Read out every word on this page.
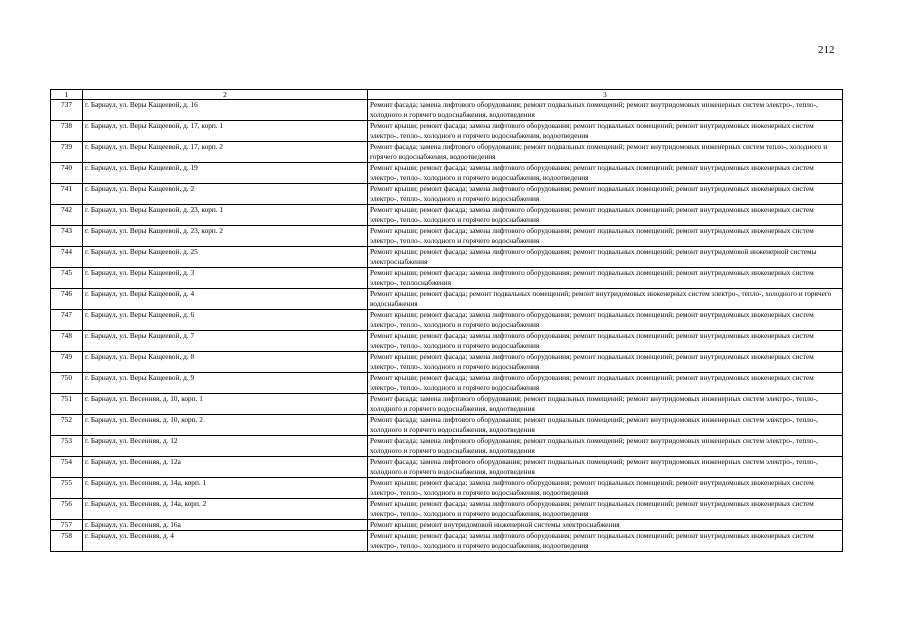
212
1	2	3
737	г. Барнаул, ул. Веры Кащеевой, д. 16	Ремонт фасада; замена лифтового оборудования; ремонт подвальных помещений; ремонт внутридомовых инженерных систем электро-, тепло-, холодного и горячего водоснабжения, водоотведения
738	г. Барнаул, ул. Веры Кащеевой, д. 17, корп. 1	Ремонт крыши; ремонт фасада; замена лифтового оборудования; ремонт подвальных помещений; ремонт внутридомовых инженерных систем электро-, тепло-, холодного и горячего водоснабжения, водоотведения
739	г. Барнаул, ул. Веры Кащеевой, д. 17, корп. 2	Ремонт фасада; замена лифтового оборудования; ремонт подвальных помещений; ремонт внутридомовых инженерных систем тепло-, холодного и горячего водоснабжения, водоотведения
740	г. Барнаул, ул. Веры Кащеевой, д. 19	Ремонт крыши; ремонт фасада; замена лифтового оборудования; ремонт подвальных помещений; ремонт внутридомовых инженерных систем электро-, тепло-, холодного и горячего водоснабжения, водоотведения
741	г. Барнаул, ул. Веры Кащеевой, д. 2	Ремонт крыши; ремонт фасада; замена лифтового оборудования; ремонт подвальных помещений; ремонт внутридомовых инженерных систем электро-, тепло-, холодного и горячего водоснабжения
742	г. Барнаул, ул. Веры Кащеевой, д. 23, корп. 1	Ремонт крыши; ремонт фасада; замена лифтового оборудования; ремонт подвальных помещений; ремонт внутридомовых инженерных систем электро-, тепло-, холодного и горячего водоснабжения
743	г. Барнаул, ул. Веры Кащеевой, д. 23, корп. 2	Ремонт крыши; ремонт фасада; замена лифтового оборудования; ремонт подвальных помещений; ремонт внутридомовых инженерных систем электро-, тепло-, холодного и горячего водоснабжения
744	г. Барнаул, ул. Веры Кащеевой, д. 25	Ремонт крыши; ремонт фасада; замена лифтового оборудования; ремонт подвальных помещений; ремонт внутридомовой инженерной системы электроснабжения
745	г. Барнаул, ул. Веры Кащеевой, д. 3	Ремонт крыши; ремонт фасада; замена лифтового оборудования; ремонт подвальных помещений; ремонт внутридомовых инженерных систем электро-, теплоснабжения
746	г. Барнаул, ул. Веры Кащеевой, д. 4	Ремонт крыши; ремонт фасада; ремонт подвальных помещений; ремонт внутридомовых инженерных систем электро-, тепло-, холодного и горячего водоснабжения
747	г. Барнаул, ул. Веры Кащеевой, д. 6	Ремонт крыши; ремонт фасада; замена лифтового оборудования; ремонт подвальных помещений; ремонт внутридомовых инженерных систем электро-, тепло-, холодного и горячего водоснабжения
748	г. Барнаул, ул. Веры Кащеевой, д. 7	Ремонт крыши; ремонт фасада; замена лифтового оборудования; ремонт подвальных помещений; ремонт внутридомовых инженерных систем электро-, тепло-, холодного и горячего водоснабжения
749	г. Барнаул, ул. Веры Кащеевой, д. 8	Ремонт крыши; ремонт фасада; замена лифтового оборудования; ремонт подвальных помещений; ремонт внутридомовых инженерных систем электро-, тепло-, холодного и горячего водоснабжения
750	г. Барнаул, ул. Веры Кащеевой, д. 9	Ремонт крыши; ремонт фасада; замена лифтового оборудования; ремонт подвальных помещений; ремонт внутридомовых инженерных систем электро-, тепло-, холодного и горячего водоснабжения
751	г. Барнаул, ул. Весенняя, д. 10, корп. 1	Ремонт фасада; замена лифтового оборудования; ремонт подвальных помещений; ремонт внутридомовых инженерных систем электро-, тепло-, холодного и горячего водоснабжения, водоотведения
752	г. Барнаул, ул. Весенняя, д. 10, корп. 2	Ремонт фасада; замена лифтового оборудования; ремонт подвальных помещений; ремонт внутридомовых инженерных систем электро-, тепло-, холодного и горячего водоснабжения, водоотведения
753	г. Барнаул, ул. Весенняя, д. 12	Ремонт фасада; замена лифтового оборудования; ремонт подвальных помещений; ремонт внутридомовых инженерных систем электро-, тепло-, холодного и горячего водоснабжения, водоотведения
754	г. Барнаул, ул. Весенняя, д. 12а	Ремонт фасада; замена лифтового оборудования; ремонт подвальных помещений; ремонт внутридомовых инженерных систем электро-, тепло-, холодного и горячего водоснабжения, водоотведения
755	г. Барнаул, ул. Весенняя, д. 14а, корп. 1	Ремонт крыши; ремонт фасада; замена лифтового оборудования; ремонт подвальных помещений; ремонт внутридомовых инженерных систем электро-, тепло-, холодного и горячего водоснабжения, водоотведения
756	г. Барнаул, ул. Весенняя, д. 14а, корп. 2	Ремонт крыши; ремонт фасада; замена лифтового оборудования; ремонт подвальных помещений; ремонт внутридомовых инженерных систем электро-, тепло-, холодного и горячего водоснабжения, водоотведения
757	г. Барнаул, ул. Весенняя, д. 16а	Ремонт крыши; ремонт внутридомовой инженерной системы электроснабжения
758	г. Барнаул, ул. Весенняя, д. 4	Ремонт крыши; ремонт фасада; замена лифтового оборудования; ремонт подвальных помещений; ремонт внутридомовых инженерных систем электро-, тепло-, холодного и горячего водоснабжения, водоотведения
